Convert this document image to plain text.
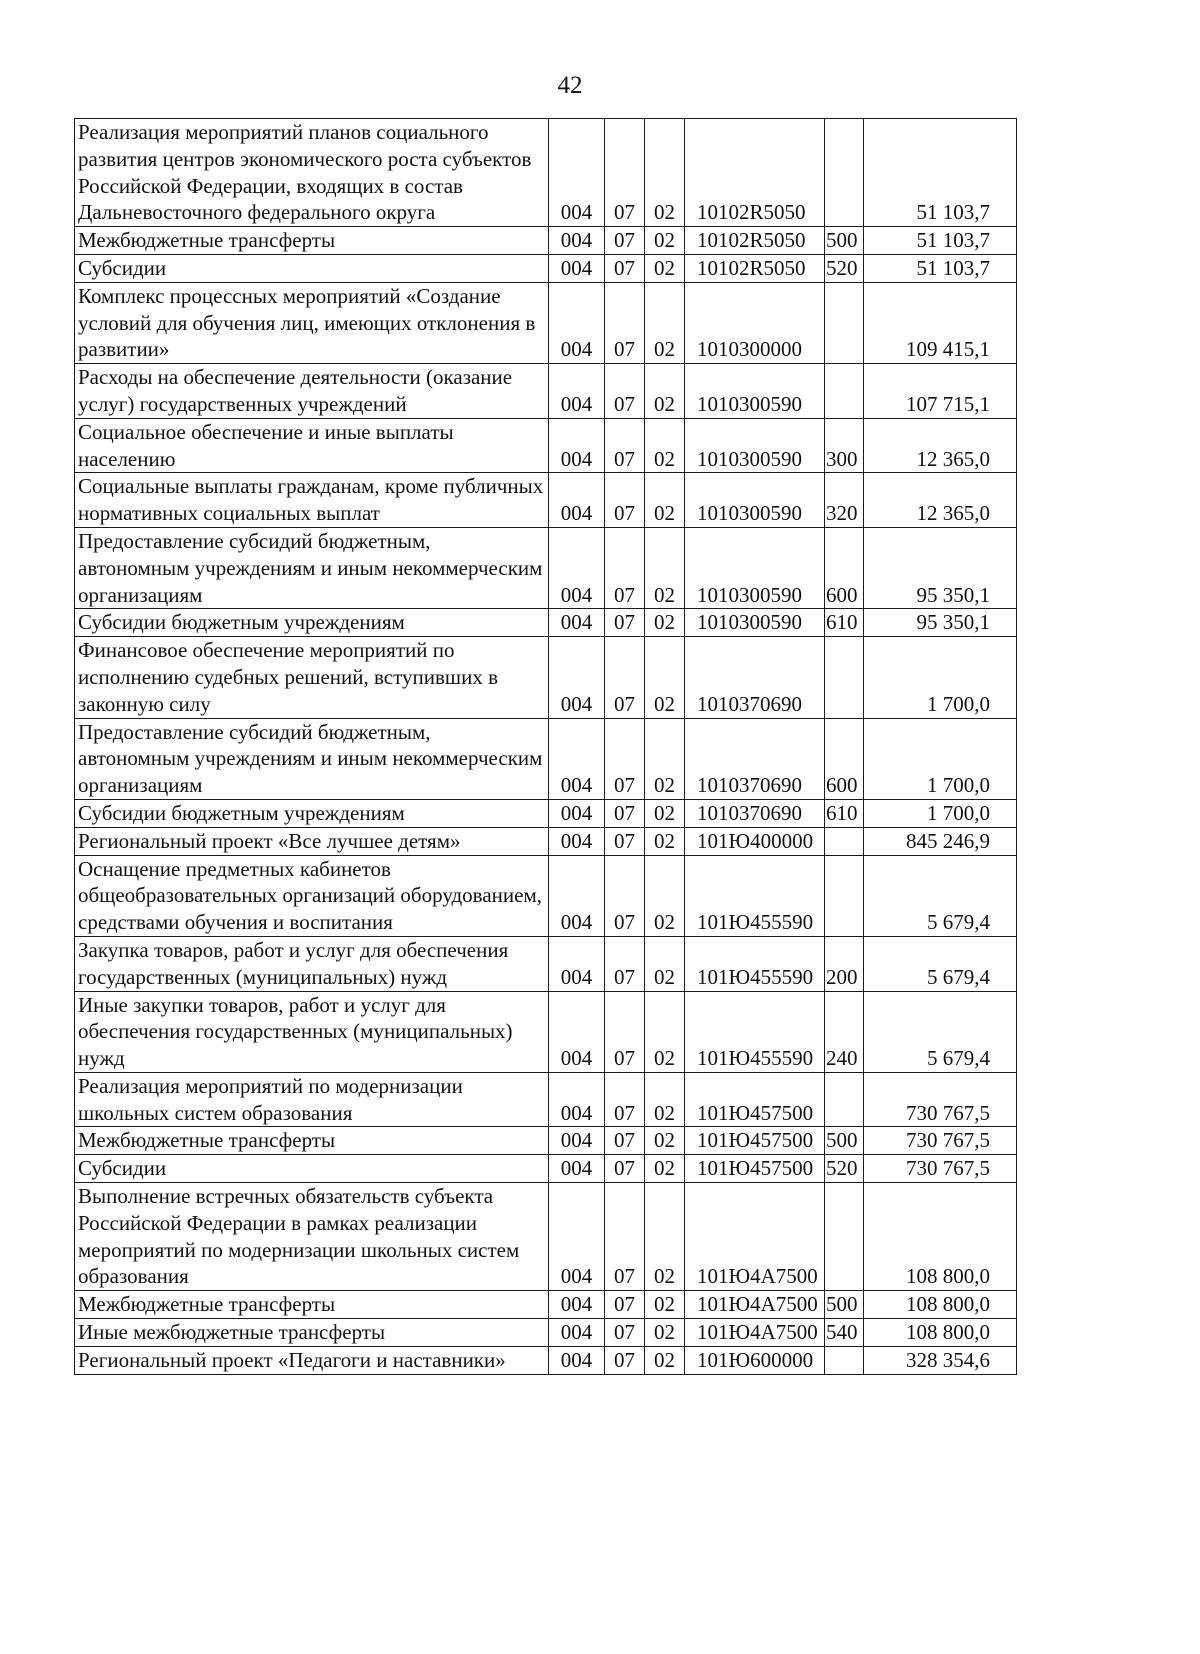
42
Реализация мероприятий планов социального развития центров экономического роста субъектов Российской Федерации, входящих в состав Дальневосточного федерального округа	004	07	02	10102R5050		51 103,7
Межбюджетные трансферты	004	07	02	10102R5050	500	51 103,7
Субсидии	004	07	02	10102R5050	520	51 103,7
Комплекс процессных мероприятий «Создание условий для обучения лиц, имеющих отклонения в развитии»	004	07	02	1010300000		109 415,1
Расходы на обеспечение деятельности (оказание услуг) государственных учреждений	004	07	02	1010300590		107 715,1
Социальное обеспечение и иные выплаты населению	004	07	02	1010300590	300	12 365,0
Социальные выплаты гражданам, кроме публичных нормативных социальных выплат	004	07	02	1010300590	320	12 365,0
Предоставление субсидий бюджетным, автономным учреждениям и иным некоммерческим организациям	004	07	02	1010300590	600	95 350,1
Субсидии бюджетным учреждениям	004	07	02	1010300590	610	95 350,1
Финансовое обеспечение мероприятий по исполнению судебных решений, вступивших в законную силу	004	07	02	1010370690		1 700,0
Предоставление субсидий бюджетным, автономным учреждениям и иным некоммерческим организациям	004	07	02	1010370690	600	1 700,0
Субсидии бюджетным учреждениям	004	07	02	1010370690	610	1 700,0
Региональный проект «Все лучшее детям»	004	07	02	101Ю400000		845 246,9
Оснащение предметных кабинетов общеобразовательных организаций оборудованием, средствами обучения и воспитания	004	07	02	101Ю455590		5 679,4
Закупка товаров, работ и услуг для обеспечения государственных (муниципальных) нужд	004	07	02	101Ю455590	200	5 679,4
Иные закупки товаров, работ и услуг для обеспечения государственных (муниципальных) нужд	004	07	02	101Ю455590	240	5 679,4
Реализация мероприятий по модернизации школьных систем образования	004	07	02	101Ю457500		730 767,5
Межбюджетные трансферты	004	07	02	101Ю457500	500	730 767,5
Субсидии	004	07	02	101Ю457500	520	730 767,5
Выполнение встречных обязательств субъекта Российской Федерации в рамках реализации мероприятий по модернизации школьных систем образования	004	07	02	101Ю4А7500		108 800,0
Межбюджетные трансферты	004	07	02	101Ю4А7500	500	108 800,0
Иные межбюджетные трансферты	004	07	02	101Ю4А7500	540	108 800,0
Региональный проект «Педагоги и наставники»	004	07	02	101Ю600000		328 354,6
